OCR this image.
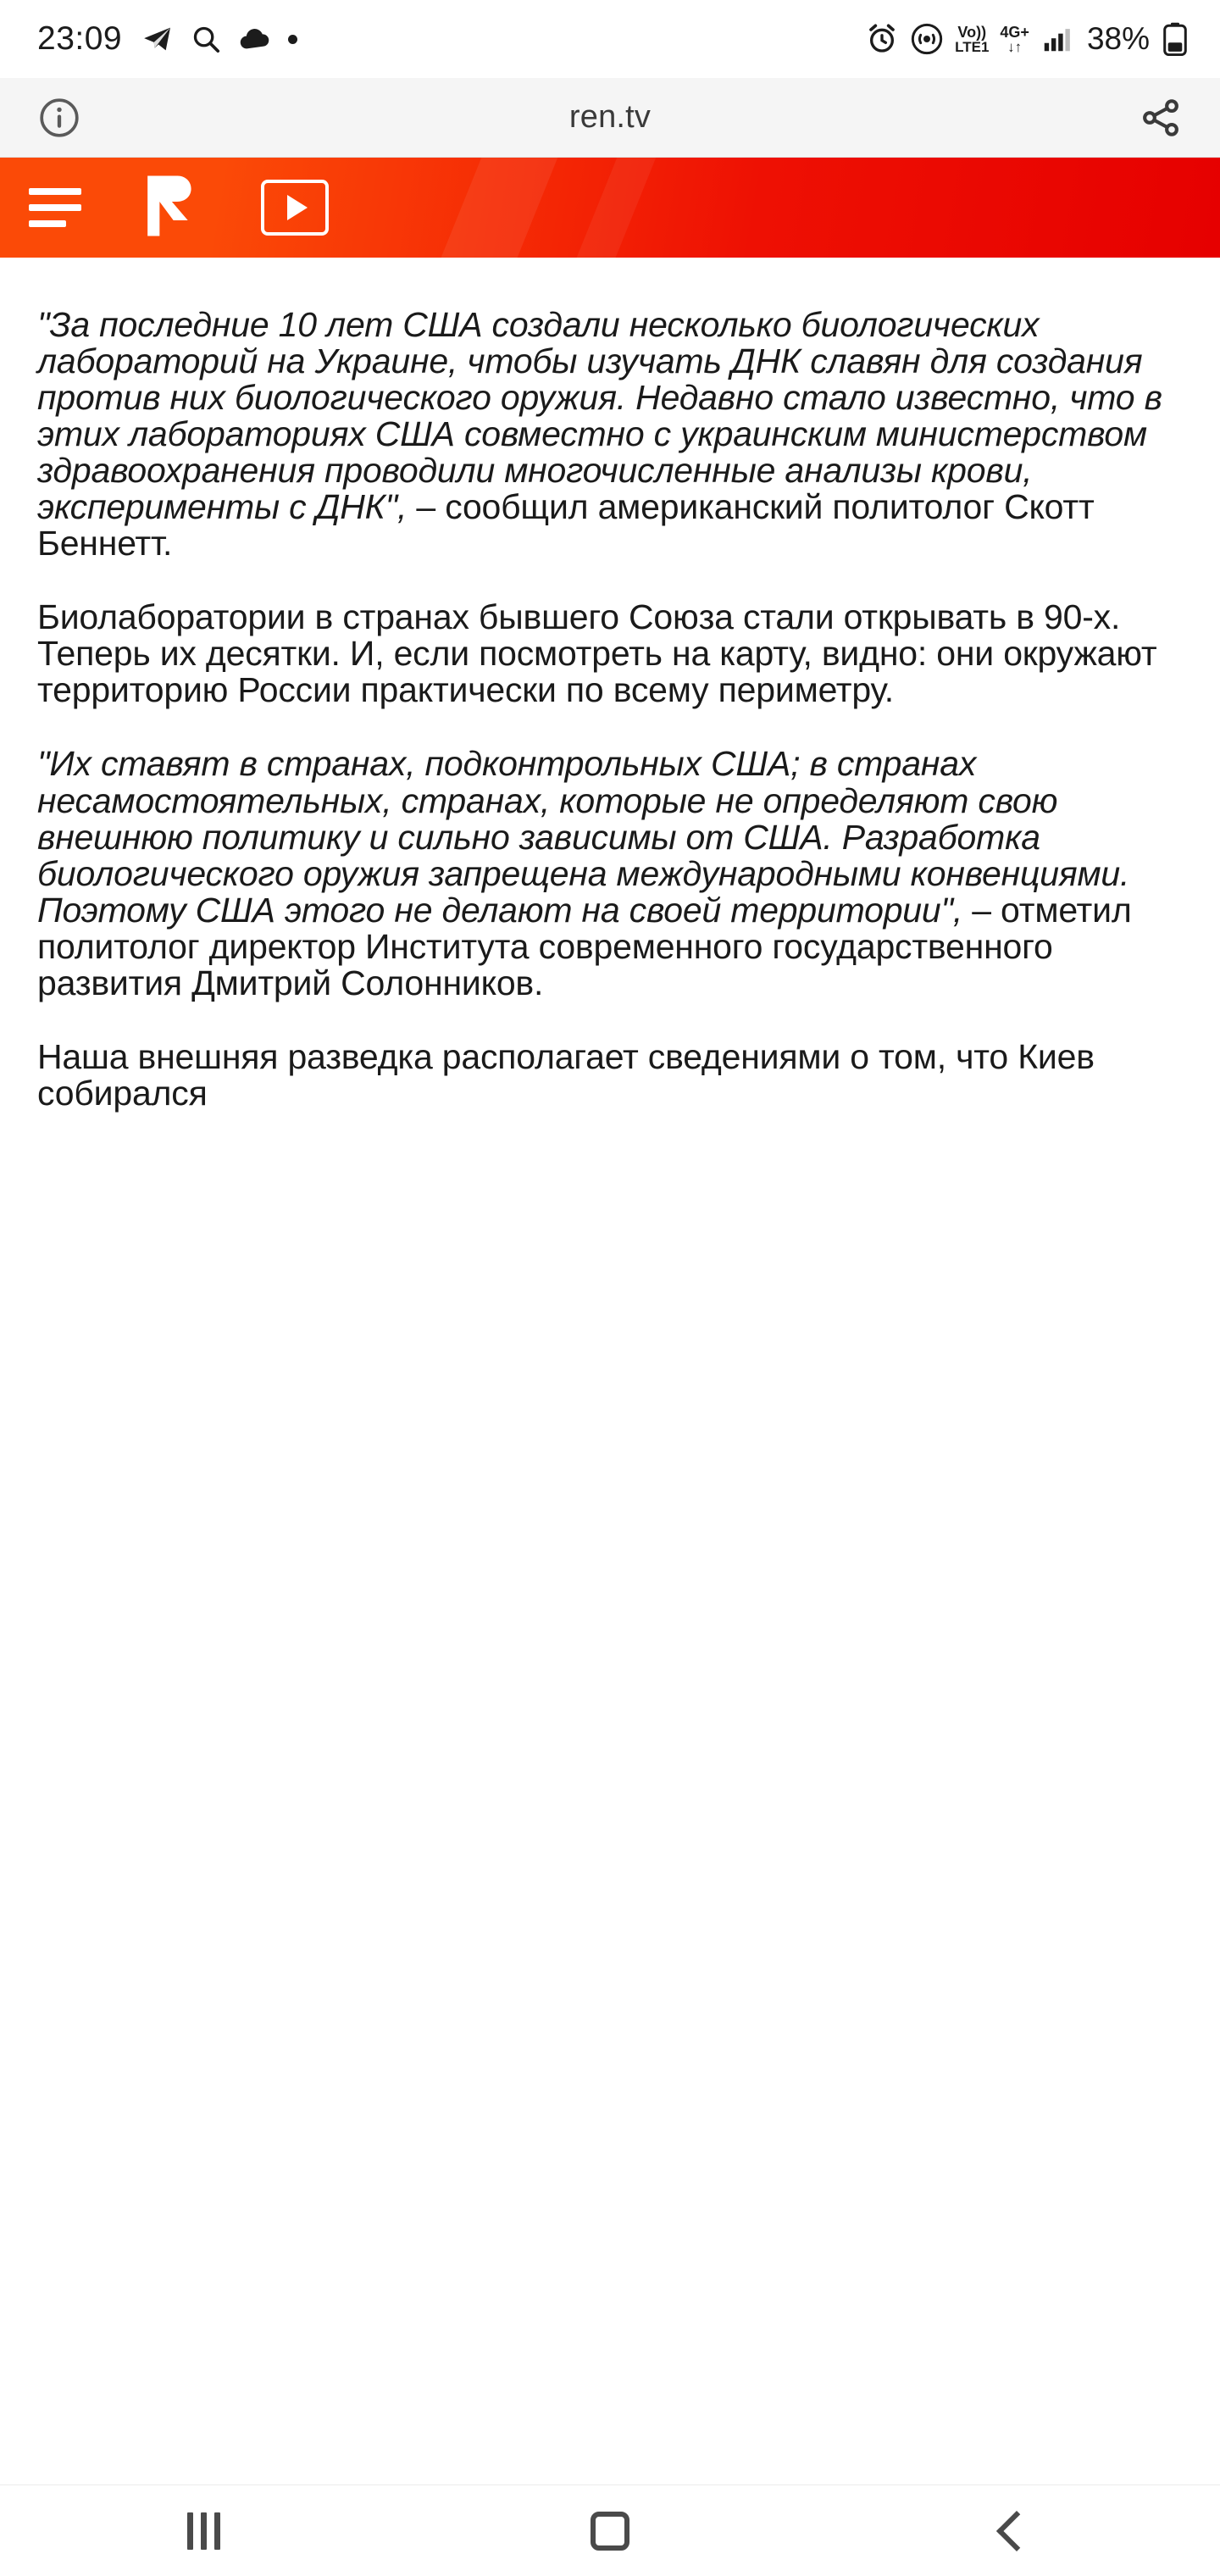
23:09	Vo))
LTE1
4G+
↓↑ 38%
ren.tv

"За последние 10 лет США создали несколько биологических лабораторий на Украине, чтобы изучать ДНК славян для создания против них биологического оружия. Недавно стало известно, что в этих лабораториях США совместно с украинским министерством здравоохранения проводили многочисленные анализы крови, эксперименты с ДНК", – сообщил американский политолог Скотт Беннетт.

Биолаборатории в странах бывшего Союза стали открывать в 90-х. Теперь их десятки. И, если посмотреть на карту, видно: они окружают территорию России практически по всему периметру.

"Их ставят в странах, подконтрольных США; в странах несамостоятельных, странах, которые не определяют свою внешнюю политику и сильно зависимы от США. Разработка биологического оружия запрещена международными конвенциями. Поэтому США этого не делают на своей территории", – отметил политолог директор Института современного государственного развития Дмитрий Солонников.

Наша внешняя разведка располагает сведениями о том, что Киев собирался
